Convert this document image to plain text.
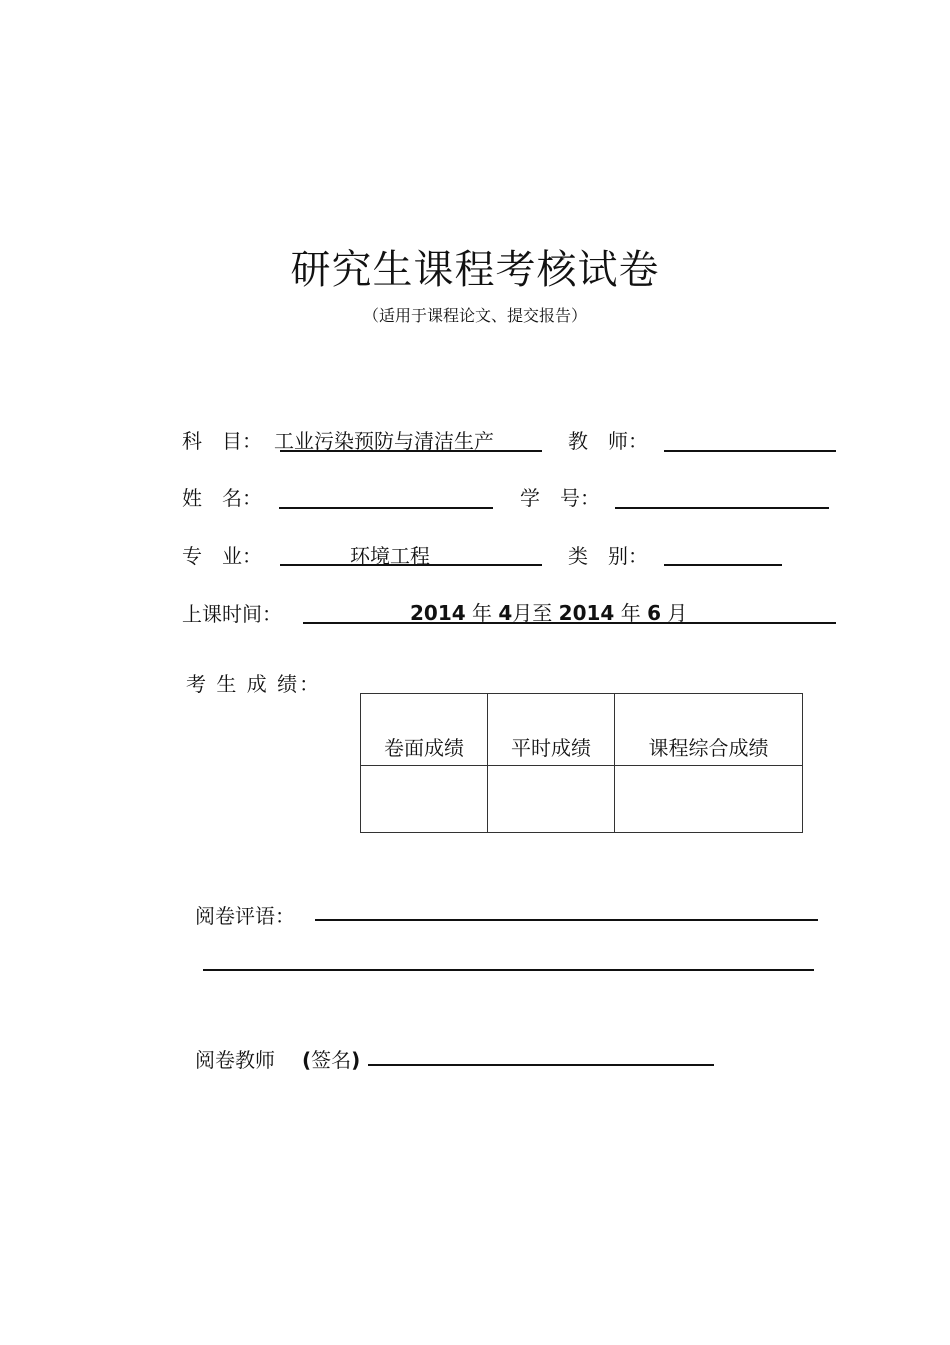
研究生课程考核试卷
（适用于课程论文、提交报告）
科　目： 工业污染预防与清洁生产	教　师：
姓　名：	学　号：
专　业：	环境工程	类　别：
上课时间：	2014 年 4月至 2014 年 6 月
考 生 成 绩：
卷面成绩	平时成绩	课程综合成绩

阅卷评语：
阅卷教师 (签名)
